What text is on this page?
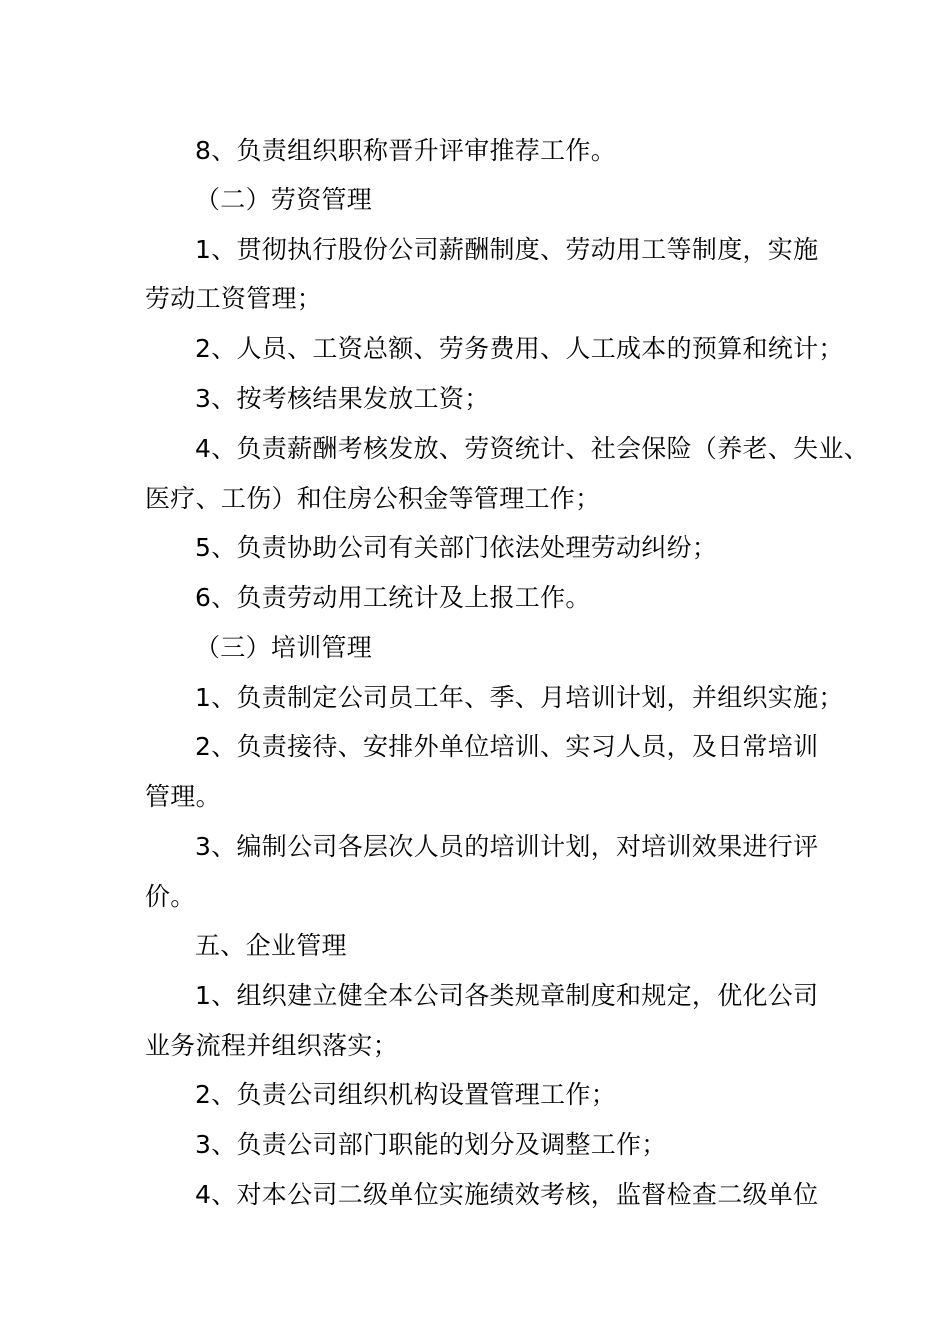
8、负责组织职称晋升评审推荐工作。
（二）劳资管理
1、贯彻执行股份公司薪酬制度、劳动用工等制度，实施
劳动工资管理；
2、人员、工资总额、劳务费用、人工成本的预算和统计；
3、按考核结果发放工资；
4、负责薪酬考核发放、劳资统计、社会保险（养老、失业、
医疗、工伤）和住房公积金等管理工作；
5、负责协助公司有关部门依法处理劳动纠纷；
6、负责劳动用工统计及上报工作。
（三）培训管理
1、负责制定公司员工年、季、月培训计划，并组织实施；
2、负责接待、安排外单位培训、实习人员，及日常培训
管理。
3、编制公司各层次人员的培训计划，对培训效果进行评
价。
五、企业管理
1、组织建立健全本公司各类规章制度和规定，优化公司
业务流程并组织落实；
2、负责公司组织机构设置管理工作；
3、负责公司部门职能的划分及调整工作；
4、对本公司二级单位实施绩效考核，监督检查二级单位
